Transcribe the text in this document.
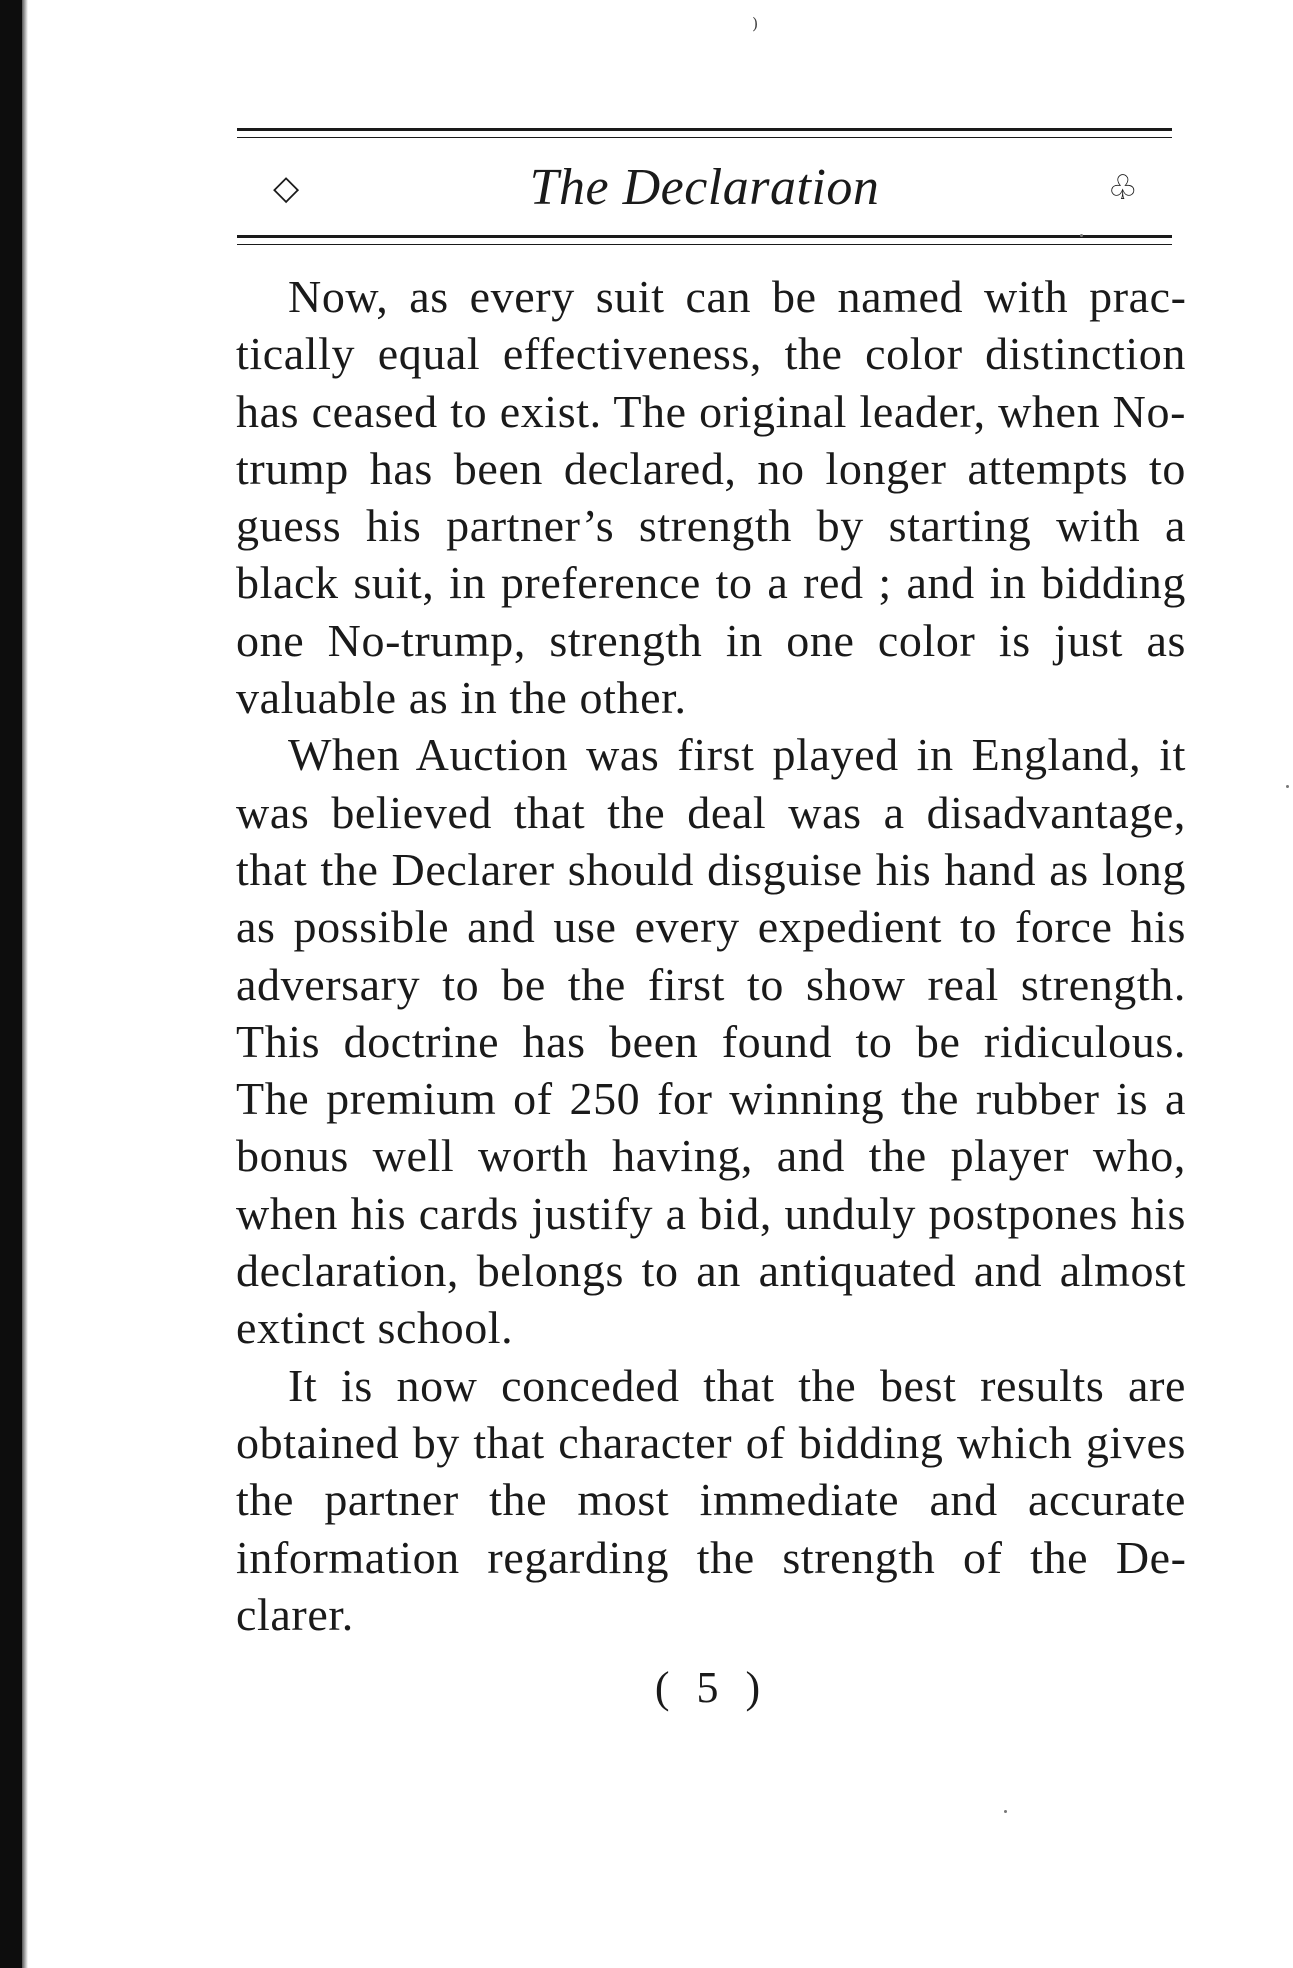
)
◇	The Declaration	♧

Now, as every suit can be named with practically equal effectiveness, the color distinction has ceased to exist. The original leader, when No-trump has been declared, no longer attempts to guess his partner’s strength by starting with a black suit, in preference to a red ; and in bidding one No-trump, strength in one color is just as valuable as in the other.

When Auction was first played in England, it was believed that the deal was a disadvantage, that the Declarer should disguise his hand as long as possible and use every expedient to force his adversary to be the first to show real strength. This doctrine has been found to be ridiculous. The premium of 250 for winning the rubber is a bonus well worth having, and the player who, when his cards justify a bid, unduly postpones his declaration, belongs to an antiquated and almost extinct school.

It is now conceded that the best results are obtained by that character of bidding which gives the partner the most immediate and accurate information regarding the strength of the Declarer.

( 5 )
